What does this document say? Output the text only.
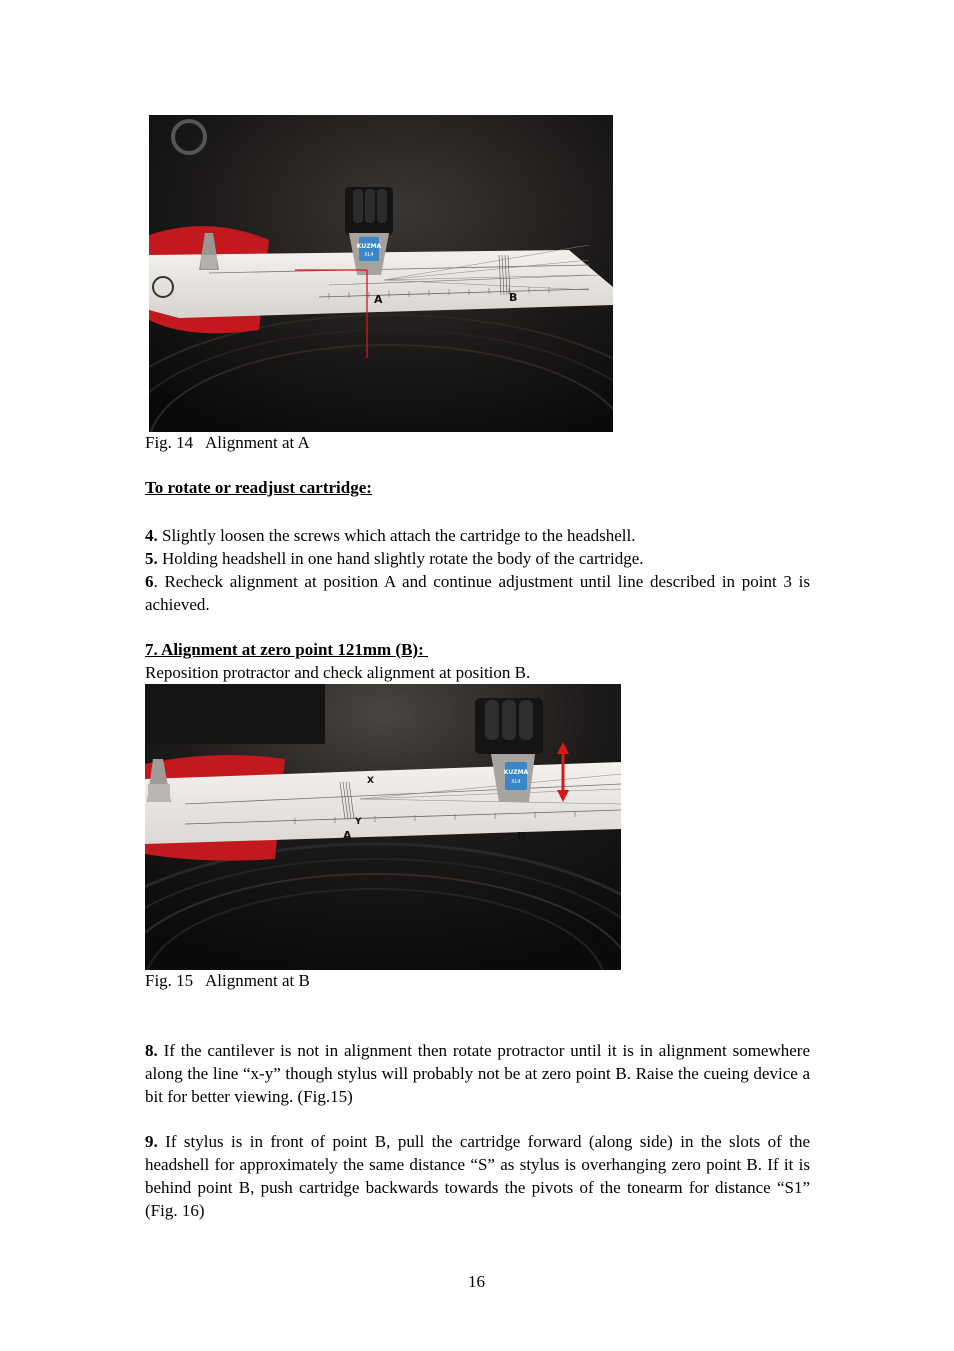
KUZMA
XL4
A	B
Fig. 14   Alignment at A
To rotate or readjust cartridge:
4. Slightly loosen the screws which attach the cartridge to the headshell.
5. Holding headshell in one hand slightly rotate the body of the cartridge.
6. Recheck alignment at position A and continue adjustment until line described in point 3 is achieved.
7. Alignment at zero point 121mm (B):
Reposition protractor and check alignment at position B.
A	B
X
Y
KUZMA
XL4
Fig. 15   Alignment at B
8. If the cantilever is not in alignment then rotate protractor until it is in alignment somewhere along the line “x-y” though stylus will probably not be at zero point B. Raise the cueing device a bit for better viewing. (Fig.15)
9. If stylus is in front of point B, pull the cartridge forward (along side) in the slots of the headshell for approximately the same distance “S” as stylus is overhanging zero point B. If it is behind point B, push cartridge backwards towards the pivots of the tonearm for distance “S1” (Fig. 16)
16
